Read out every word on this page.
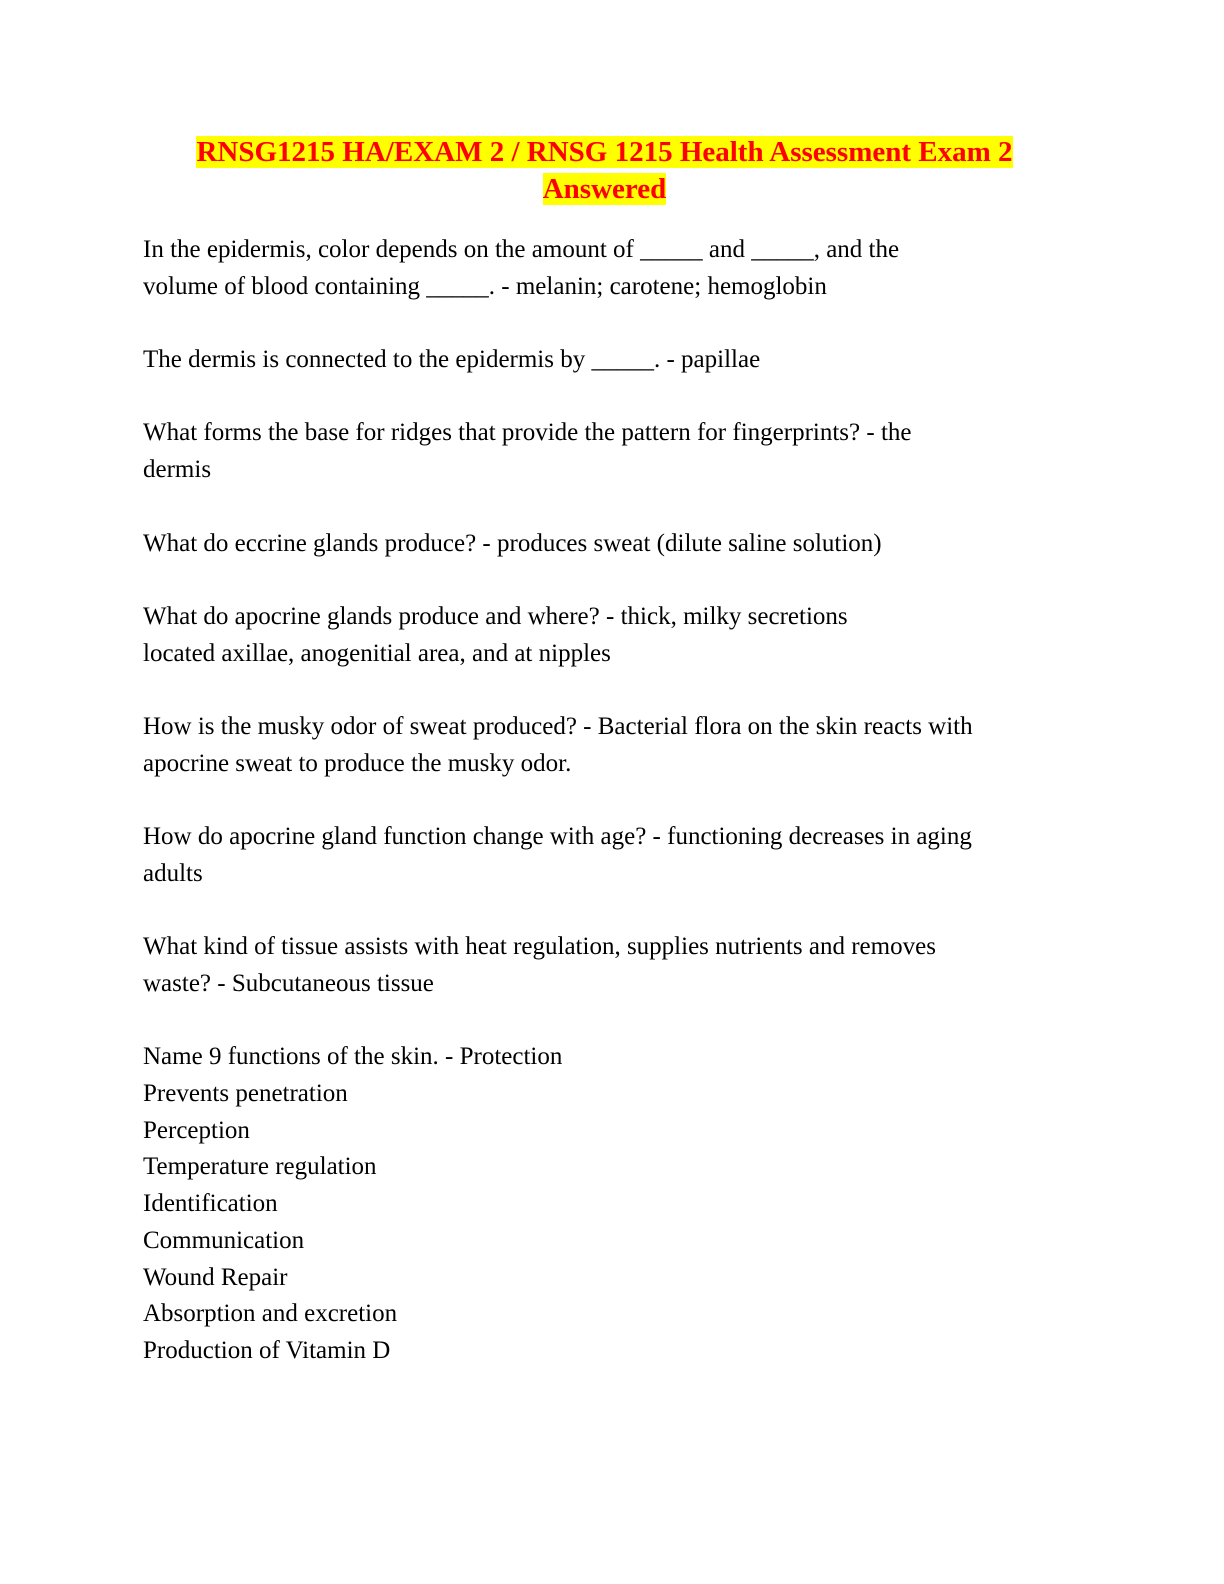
RNSG1215 HA/EXAM 2 / RNSG 1215 Health Assessment Exam 2
Answered
In the epidermis, color depends on the amount of _____ and _____, and the
volume of blood containing _____. - melanin; carotene; hemoglobin
The dermis is connected to the epidermis by _____. - papillae
What forms the base for ridges that provide the pattern for fingerprints? - the
dermis
What do eccrine glands produce? - produces sweat (dilute saline solution)
What do apocrine glands produce and where? - thick, milky secretions
located axillae, anogenitial area, and at nipples
How is the musky odor of sweat produced? - Bacterial flora on the skin reacts with
apocrine sweat to produce the musky odor.
How do apocrine gland function change with age? - functioning decreases in aging
adults
What kind of tissue assists with heat regulation, supplies nutrients and removes
waste? - Subcutaneous tissue
Name 9 functions of the skin. - Protection
Prevents penetration
Perception
Temperature regulation
Identification
Communication
Wound Repair
Absorption and excretion
Production of Vitamin D
